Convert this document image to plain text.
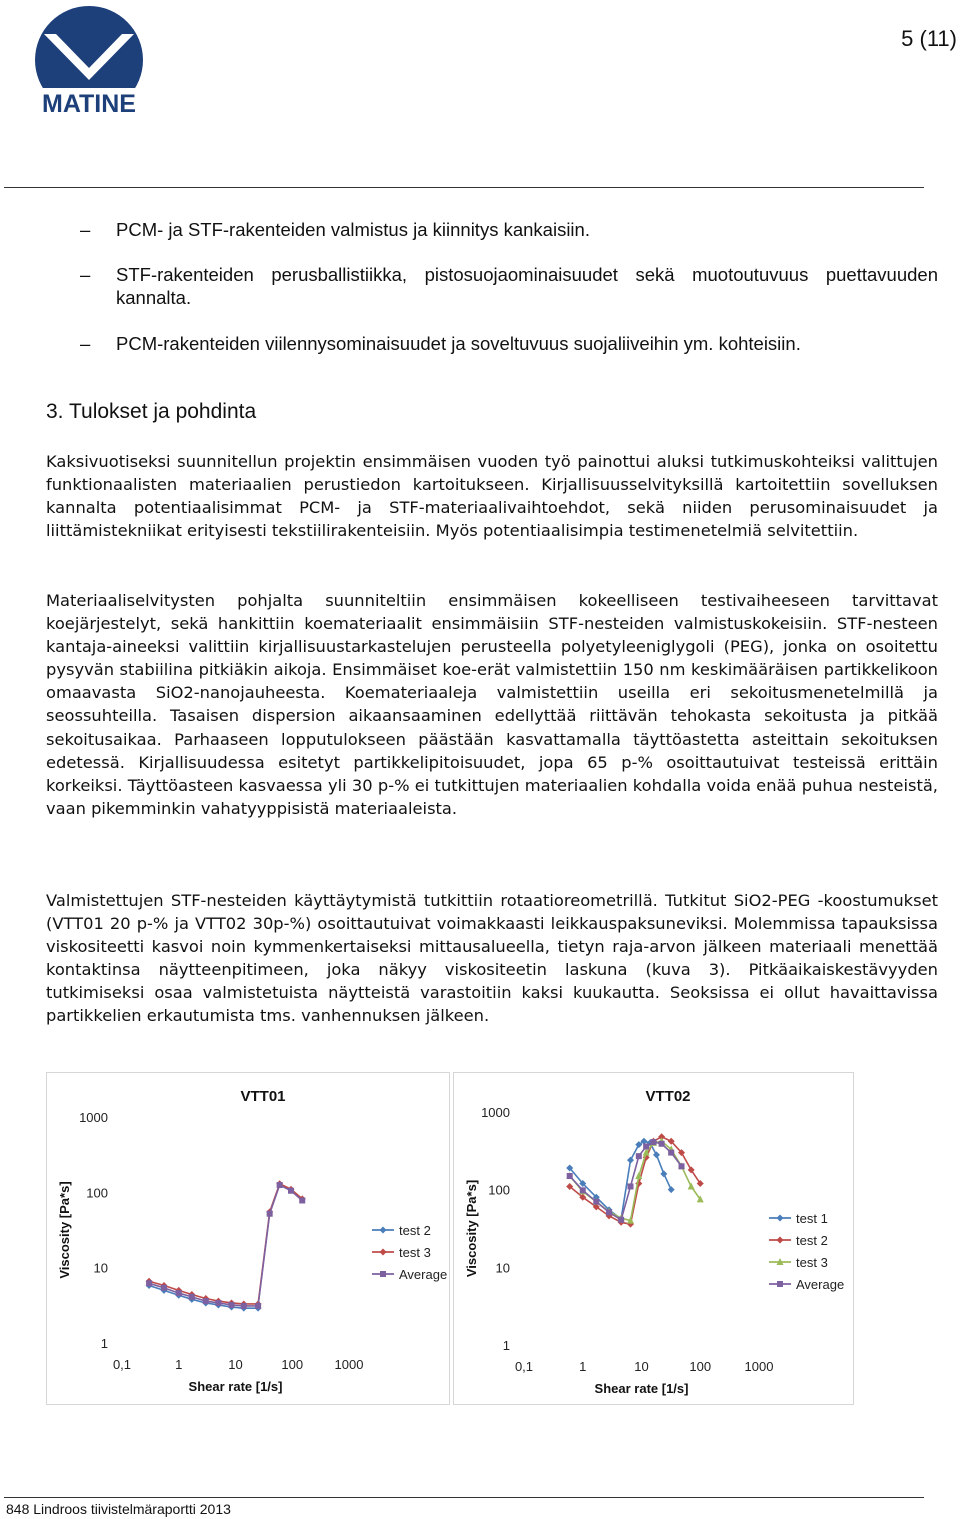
MATINE
5 (11)
– PCM- ja STF-rakenteiden valmistus ja kiinnitys kankaisiin.
– STF-rakenteiden perusballistiikka, pistosuojaominaisuudet sekä muotoutuvuus puettavuuden kannalta.
– PCM-rakenteiden viilennysominaisuudet ja soveltuvuus suojaliiveihin ym. kohteisiin.
3. Tulokset ja pohdinta
Kaksivuotiseksi suunnitellun projektin ensimmäisen vuoden työ painottui aluksi tutkimuskohteiksi valittujen funktionaalisten materiaalien perustiedon kartoitukseen. Kirjallisuusselvityksillä kartoitettiin sovelluksen kannalta potentiaalisimmat PCM- ja STF-materiaalivaihtoehdot, sekä niiden perusominaisuudet ja liittämistekniikat erityisesti tekstiilirakenteisiin. Myös potentiaalisimpia testimenetelmiä selvitettiin.
Materiaaliselvitysten pohjalta suunniteltiin ensimmäisen kokeelliseen testivaiheeseen tarvittavat koejärjestelyt, sekä hankittiin koemateriaalit ensimmäisiin STF-nesteiden valmistuskokeisiin. STF-nesteen kantaja-aineeksi valittiin kirjallisuustarkastelujen perusteella polyetyleeniglygoli (PEG), jonka on osoitettu pysyvän stabiilina pitkiäkin aikoja. Ensimmäiset koe-erät valmistettiin 150 nm keskimääräisen partikkelikoon omaavasta SiO2-nanojauheesta. Koemateriaaleja valmistettiin useilla eri sekoitusmenetelmillä ja seossuhteilla. Tasaisen dispersion aikaansaaminen edellyttää riittävän tehokasta sekoitusta ja pitkää sekoitusaikaa. Parhaaseen lopputulokseen päästään kasvattamalla täyttöastetta asteittain sekoituksen edetessä. Kirjallisuudessa esitetyt partikkelipitoisuudet, jopa 65 p-% osoittautuivat testeissä erittäin korkeiksi. Täyttöasteen kasvaessa yli 30 p-% ei tutkittujen materiaalien kohdalla voida enää puhua nesteistä, vaan pikemminkin vahatyyppisistä materiaaleista.
Valmistettujen STF-nesteiden käyttäytymistä tutkittiin rotaatioreometrillä. Tutkitut SiO2-PEG -koostumukset (VTT01 20 p-% ja VTT02 30p-%) osoittautuivat voimakkaasti leikkauspaksuneviksi. Molemmissa tapauksissa viskositeetti kasvoi noin kymmenkertaiseksi mittausalueella, tietyn raja-arvon jälkeen materiaali menettää kontaktinsa näytteenpitimeen, joka näkyy viskositeetin laskuna (kuva 3). Pitkäaikaiskestävyyden tutkimiseksi osaa valmistetuista näytteistä varastoitiin kaksi kuukautta. Seoksissa ei ollut havaittavissa partikkelien erkautumista tms. vanhennuksen jälkeen.
VTT01
1
10
100
1000
0,1	1	10	100 1000
Shear rate [1/s]
Viscosity [Pa*s]	test 2
test 3
Average
VTT02
1
10
100
1000
0,1	1	10	100	1000
Shear rate [1/s]
Viscosity [Pa*s]	test 1
test 2
test 3
Average
848 Lindroos tiivistelmäraportti 2013
